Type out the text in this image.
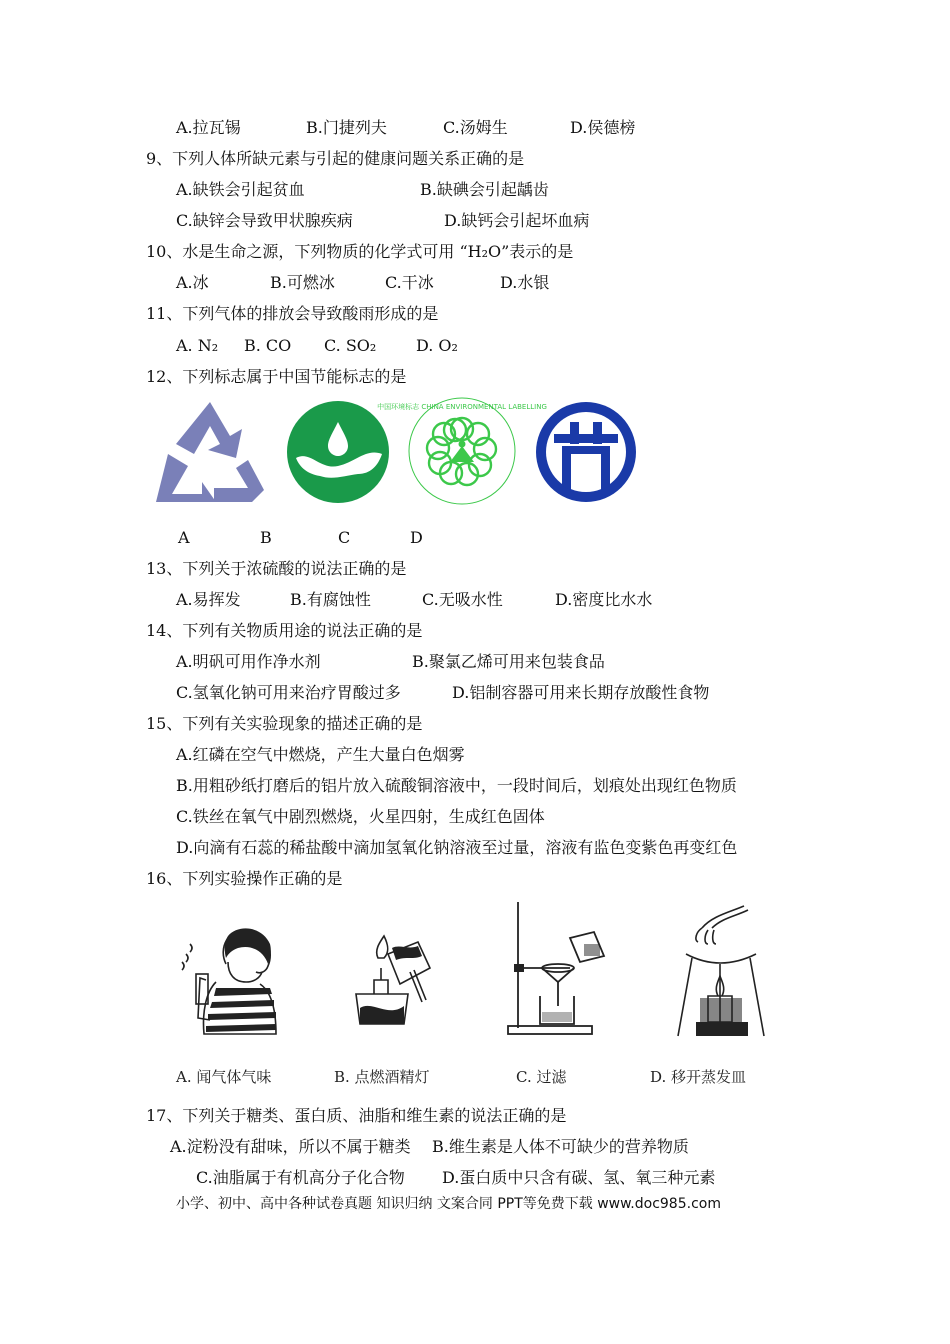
A.拉瓦锡	B.门捷列夫	C.汤姆生	D.侯德榜
9、下列人体所缺元素与引起的健康问题关系正确的是
A.缺铁会引起贫血	B.缺碘会引起龋齿
C.缺锌会导致甲状腺疾病	D.缺钙会引起坏血病
10、水是生命之源，下列物质的化学式可用 “H₂O”表示的是
A.冰	B.可燃冰	C.干冰	D.水银
11、下列气体的排放会导致酸雨形成的是
A. N₂ B. CO C. SO₂ D. O₂
12、下列标志属于中国节能标志的是
中国环境标志 CHINA ENVIRONMENTAL LABELLING
A	B	C	D
13、下列关于浓硫酸的说法正确的是
A.易挥发	B.有腐蚀性	C.无吸水性	D.密度比水水
14、下列有关物质用途的说法正确的是
A.明矾可用作净水剂	B.聚氯乙烯可用来包装食品
C.氢氧化钠可用来治疗胃酸过多	D.铝制容器可用来长期存放酸性食物
15、下列有关实验现象的描述正确的是
A.红磷在空气中燃烧，产生大量白色烟雾
B.用粗砂纸打磨后的铝片放入硫酸铜溶液中，一段时间后，划痕处出现红色物质
C.铁丝在氧气中剧烈燃烧，火星四射，生成红色固体
D.向滴有石蕊的稀盐酸中滴加氢氧化钠溶液至过量，溶液有监色变紫色再变红色
16、下列实验操作正确的是
A. 闻气体气味	B. 点燃酒精灯	C. 过滤	D. 移开蒸发皿
17、下列关于糖类、蛋白质、油脂和维生素的说法正确的是
A.淀粉没有甜味，所以不属于糖类 B.维生素是人体不可缺少的营养物质
C.油脂属于有机高分子化合物 D.蛋白质中只含有碳、氢、氧三种元素
小学、初中、高中各种试卷真题 知识归纳 文案合同 PPT等免费下载 www.doc985.com
